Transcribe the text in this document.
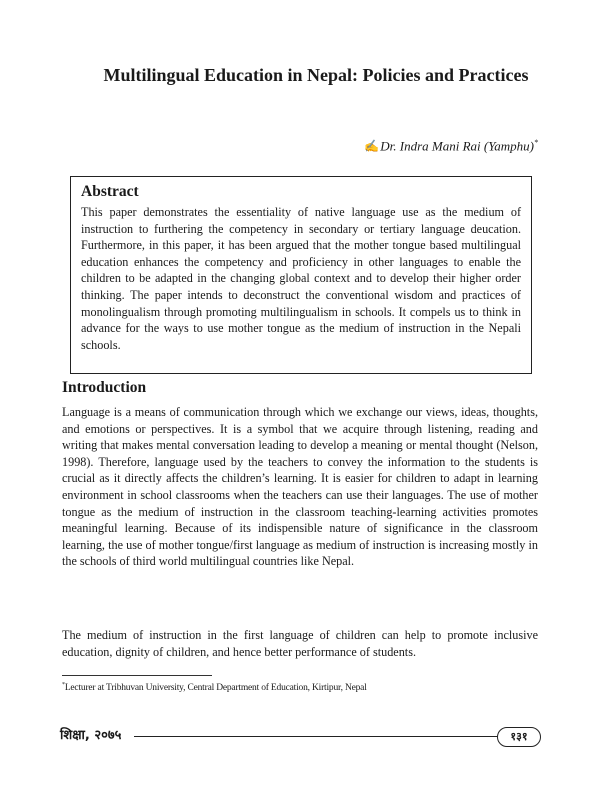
Multilingual Education in Nepal: Policies and Practices
✍Dr. Indra Mani Rai (Yamphu)*
Abstract

This paper demonstrates the essentiality of native language use as the medium of instruction to furthering the competency in secondary or tertiary language deucation. Furthermore, in this paper, it has been argued that the mother tongue based multilingual education enhances the competency and proficiency in other languages to enable the children to be adapted in the changing global context and to develop their higher order thinking. The paper intends to deconstruct the conventional wisdom and practices of monolingualism through promoting multilingualism in schools. It compels us to think in advance for the ways to use mother tongue as the medium of instruction in the Nepali schools.

Introduction

Language is a means of communication through which we exchange our views, ideas, thoughts, and emotions or perspectives. It is a symbol that we acquire through listening, reading and writing that makes mental conversation leading to develop a meaning or mental thought (Nelson, 1998). Therefore, language used by the teachers to convey the information to the students is crucial as it directly affects the children’s learning. It is easier for children to adapt in learning environment in school classrooms when the teachers can use their languages. The use of mother tongue as the medium of instruction in the classroom teaching-learning activities promotes meaningful learning. Because of its indispensible nature of significance in the classroom learning, the use of mother tongue/first language as medium of instruction is increasing mostly in the schools of third world multilingual countries like Nepal.

The medium of instruction in the first language of children can help to promote inclusive education, dignity of children, and hence better performance of students.

*Lecturer at Tribhuvan University, Central Department of Education, Kirtipur, Nepal

शिक्षा, २०७५	१३१
